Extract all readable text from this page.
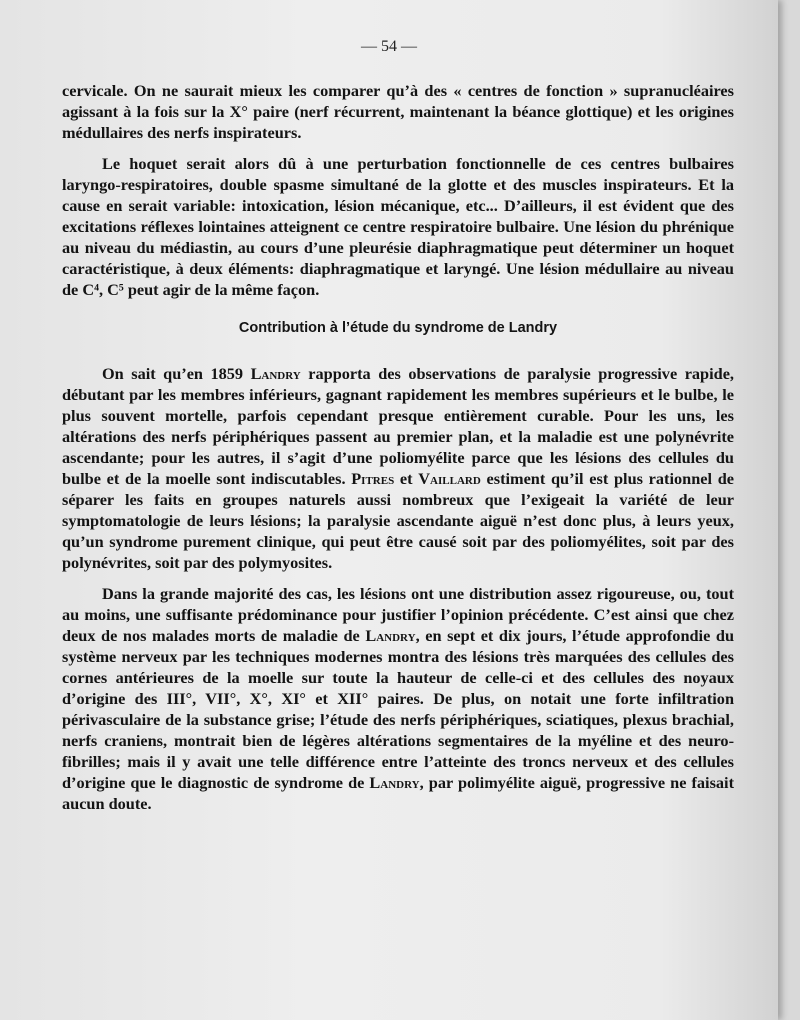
— 54 —

cervicale. On ne saurait mieux les comparer qu’à des « centres de fonction » supranucléaires agissant à la fois sur la X° paire (nerf récurrent, maintenant la béance glottique) et les origines médullaires des nerfs inspirateurs.

Le hoquet serait alors dû à une perturbation fonctionnelle de ces centres bulbaires laryngo-respiratoires, double spasme simultané de la glotte et des muscles inspirateurs. Et la cause en serait variable: intoxication, lésion mécanique, etc... D’ailleurs, il est évident que des excitations réflexes lointaines atteignent ce centre respiratoire bulbaire. Une lésion du phrénique au niveau du médiastin, au cours d’une pleurésie diaphragmatique peut déterminer un hoquet caractéristique, à deux éléments: diaphragmatique et laryngé. Une lésion médullaire au niveau de C⁴, C⁵ peut agir de la même façon.

Contribution à l’étude du syndrome de Landry

On sait qu’en 1859 Landry rapporta des observations de paralysie progressive rapide, débutant par les membres inférieurs, gagnant rapidement les membres supérieurs et le bulbe, le plus souvent mortelle, parfois cependant presque entièrement curable. Pour les uns, les altérations des nerfs périphériques passent au premier plan, et la maladie est une polynévrite ascendante; pour les autres, il s’agit d’une poliomyélite parce que les lésions des cellules du bulbe et de la moelle sont indiscutables. Pitres et Vaillard estiment qu’il est plus rationnel de séparer les faits en groupes naturels aussi nombreux que l’exigeait la variété de leur symptomatologie de leurs lésions; la paralysie ascendante aiguë n’est donc plus, à leurs yeux, qu’un syndrome purement clinique, qui peut être causé soit par des poliomyélites, soit par des polynévrites, soit par des polymyosites.

Dans la grande majorité des cas, les lésions ont une distribution assez rigoureuse, ou, tout au moins, une suffisante prédominance pour justifier l’opinion précédente. C’est ainsi que chez deux de nos malades morts de maladie de Landry, en sept et dix jours, l’étude approfondie du système nerveux par les techniques modernes montra des lésions très marquées des cellules des cornes antérieures de la moelle sur toute la hauteur de celle-ci et des cellules des noyaux d’origine des III°, VII°, X°, XI° et XII° paires. De plus, on notait une forte infiltration périvasculaire de la substance grise; l’étude des nerfs périphériques, sciatiques, plexus brachial, nerfs craniens, montrait bien de légères altérations segmentaires de la myéline et des neuro-fibrilles; mais il y avait une telle différence entre l’atteinte des troncs nerveux et des cellules d’origine que le diagnostic de syndrome de Landry, par polimyélite aiguë, progressive ne faisait aucun doute.
